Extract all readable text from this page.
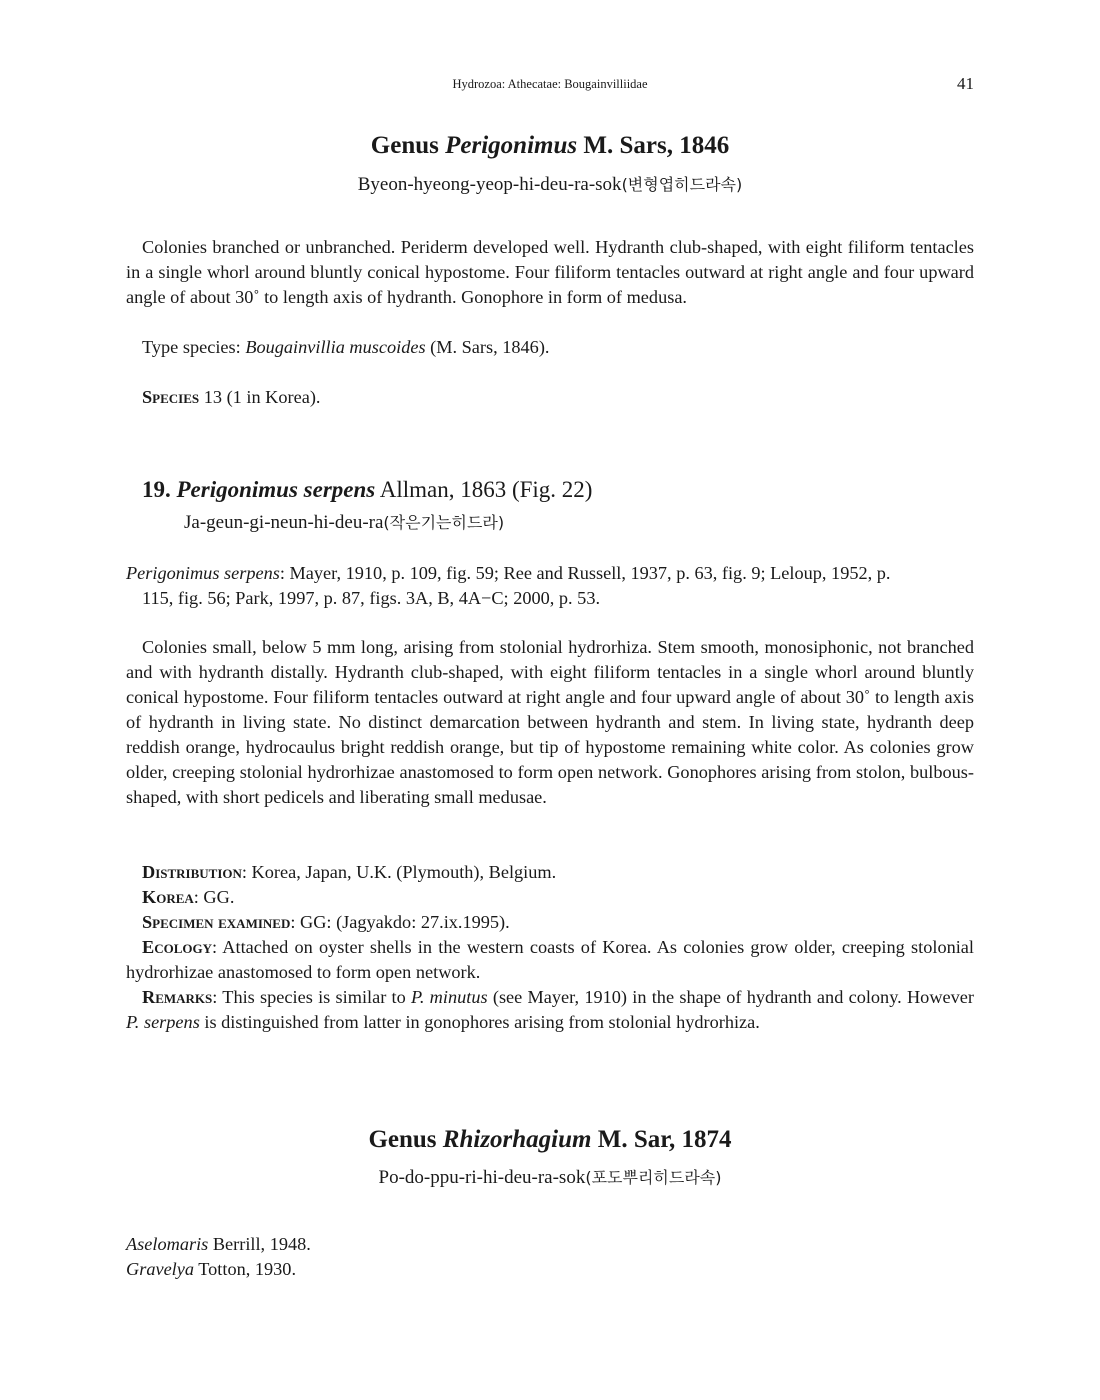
Hydrozoa: Athecatae: Bougainvilliidae	41
Genus Perigonimus M. Sars, 1846
Byeon-hyeong-yeop-hi-deu-ra-sok(변형엽히드라속)
Colonies branched or unbranched. Periderm developed well. Hydranth club-shaped, with eight filiform tentacles in a single whorl around bluntly conical hypostome. Four filiform tentacles outward at right angle and four upward angle of about 30˚ to length axis of hydranth. Gonophore in form of medusa.
Type species: Bougainvillia muscoides (M. Sars, 1846).
Species 13 (1 in Korea).
19. Perigonimus serpens Allman, 1863 (Fig. 22)
Ja-geun-gi-neun-hi-deu-ra(작은기는히드라)
Perigonimus serpens: Mayer, 1910, p. 109, fig. 59; Ree and Russell, 1937, p. 63, fig. 9; Leloup, 1952, p.
115, fig. 56; Park, 1997, p. 87, figs. 3A, B, 4A−C; 2000, p. 53.
Colonies small, below 5 mm long, arising from stolonial hydrorhiza. Stem smooth, monosiphonic, not branched and with hydranth distally. Hydranth club-shaped, with eight filiform tentacles in a single whorl around bluntly conical hypostome. Four filiform tentacles outward at right angle and four upward angle of about 30˚ to length axis of hydranth in living state. No distinct demarcation between hydranth and stem. In living state, hydranth deep reddish orange, hydrocaulus bright reddish orange, but tip of hypostome remaining white color. As colonies grow older, creeping stolonial hydrorhizae anastomosed to form open network. Gonophores arising from stolon, bulbous-shaped, with short pedicels and liberating small medusae.
Distribution: Korea, Japan, U.K. (Plymouth), Belgium.
Korea: GG.
Specimen examined: GG: (Jagyakdo: 27.ix.1995).
Ecology: Attached on oyster shells in the western coasts of Korea. As colonies grow older, creeping stolonial hydrorhizae anastomosed to form open network.
Remarks: This species is similar to P. minutus (see Mayer, 1910) in the shape of hydranth and colony. However P. serpens is distinguished from latter in gonophores arising from stolonial hydrorhiza.
Genus Rhizorhagium M. Sar, 1874
Po-do-ppu-ri-hi-deu-ra-sok(포도뿌리히드라속)
Aselomaris Berrill, 1948.
Gravelya Totton, 1930.
